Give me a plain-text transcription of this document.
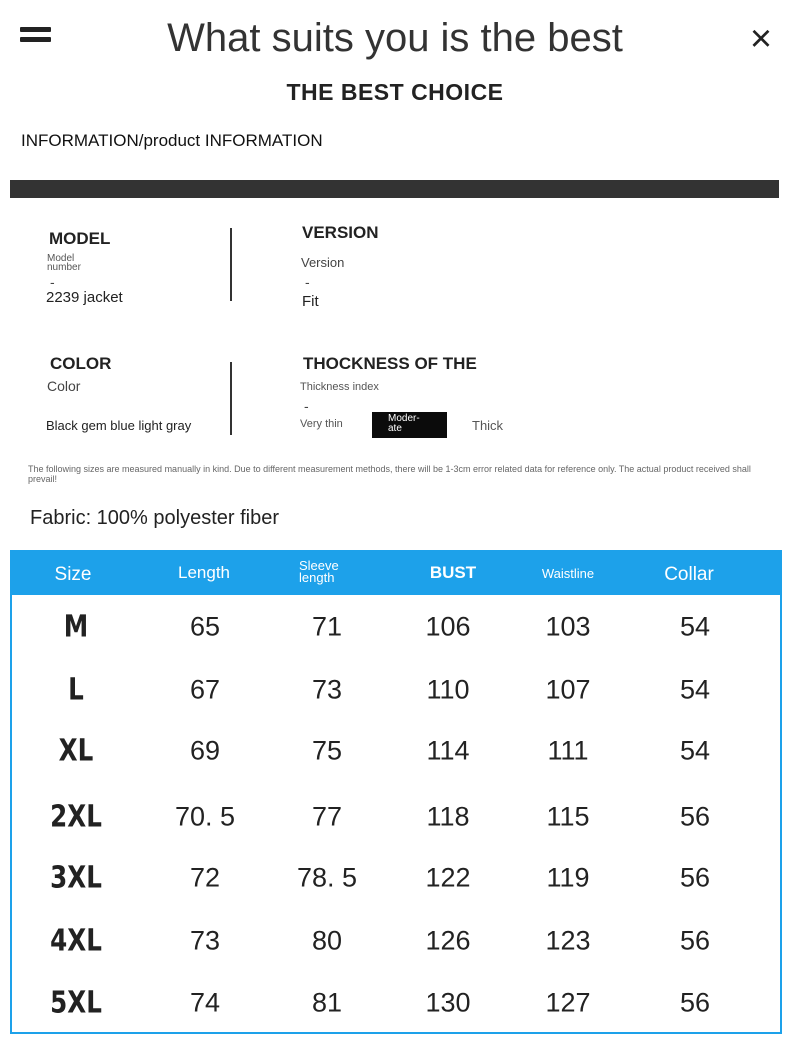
What suits you is the best	×
THE BEST CHOICE
INFORMATION/product INFORMATION
MODEL
Model number
-
2239 jacket
VERSION
Version
-
Fit
COLOR
Color
Black gem blue light gray
THOCKNESS OF THE
Thickness index
-
Very thin	Moder- ate	Thick
The following sizes are measured manually in kind. Due to different measurement methods, there will be 1-3cm error related data for reference only. The actual product received shall prevail!
Fabric: 100% polyester fiber
Size	Length	Sleeve length	BUST	Waistline	Collar
M	65	71	106	103	54
L	67	73	110	107	54
XL	69	75	114	111	54
2XL	70. 5	77	118	115	56
3XL	72	78. 5	122	119	56
4XL	73	80	126	123	56
5XL	74	81	130	127	56
